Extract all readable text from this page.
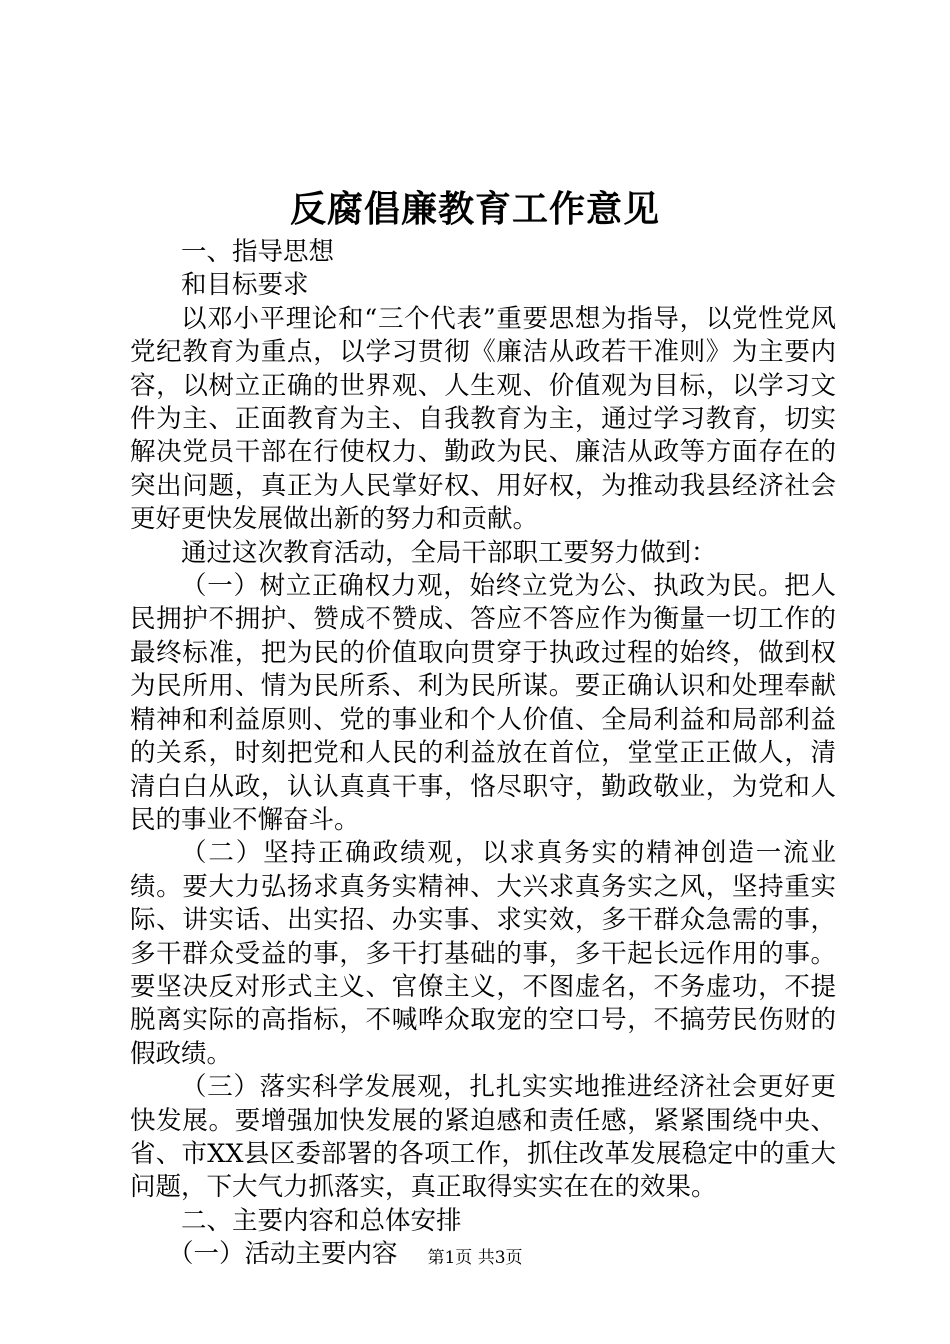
反腐倡廉教育工作意见
一、指导思想
和目标要求

以邓小平理论和“三个代表”重要思想为指导，以党性党风党纪教育为重点，以学习贯彻《廉洁从政若干准则》为主要内容，以树立正确的世界观、人生观、价值观为目标，以学习文件为主、正面教育为主、自我教育为主，通过学习教育，切实解决党员干部在行使权力、勤政为民、廉洁从政等方面存在的突出问题，真正为人民掌好权、用好权，为推动我县经济社会更好更快发展做出新的努力和贡献。

通过这次教育活动，全局干部职工要努力做到：

（一）树立正确权力观，始终立党为公、执政为民。把人民拥护不拥护、赞成不赞成、答应不答应作为衡量一切工作的最终标准，把为民的价值取向贯穿于执政过程的始终，做到权为民所用、情为民所系、利为民所谋。要正确认识和处理奉献精神和利益原则、党的事业和个人价值、全局利益和局部利益的关系，时刻把党和人民的利益放在首位，堂堂正正做人，清清白白从政，认认真真干事，恪尽职守，勤政敬业，为党和人民的事业不懈奋斗。

（二）坚持正确政绩观，以求真务实的精神创造一流业绩。要大力弘扬求真务实精神、大兴求真务实之风，坚持重实际、讲实话、出实招、办实事、求实效，多干群众急需的事，多干群众受益的事，多干打基础的事，多干起长远作用的事。要坚决反对形式主义、官僚主义，不图虚名，不务虚功，不提脱离实际的高指标，不喊哗众取宠的空口号，不搞劳民伤财的假政绩。

（三）落实科学发展观，扎扎实实地推进经济社会更好更快发展。要增强加快发展的紧迫感和责任感，紧紧围绕中央、省、市XX县区委部署的各项工作，抓住改革发展稳定中的重大问题，下大气力抓落实，真正取得实实在在的效果。

二、主要内容和总体安排
（一）活动主要内容	第1页 共3页
